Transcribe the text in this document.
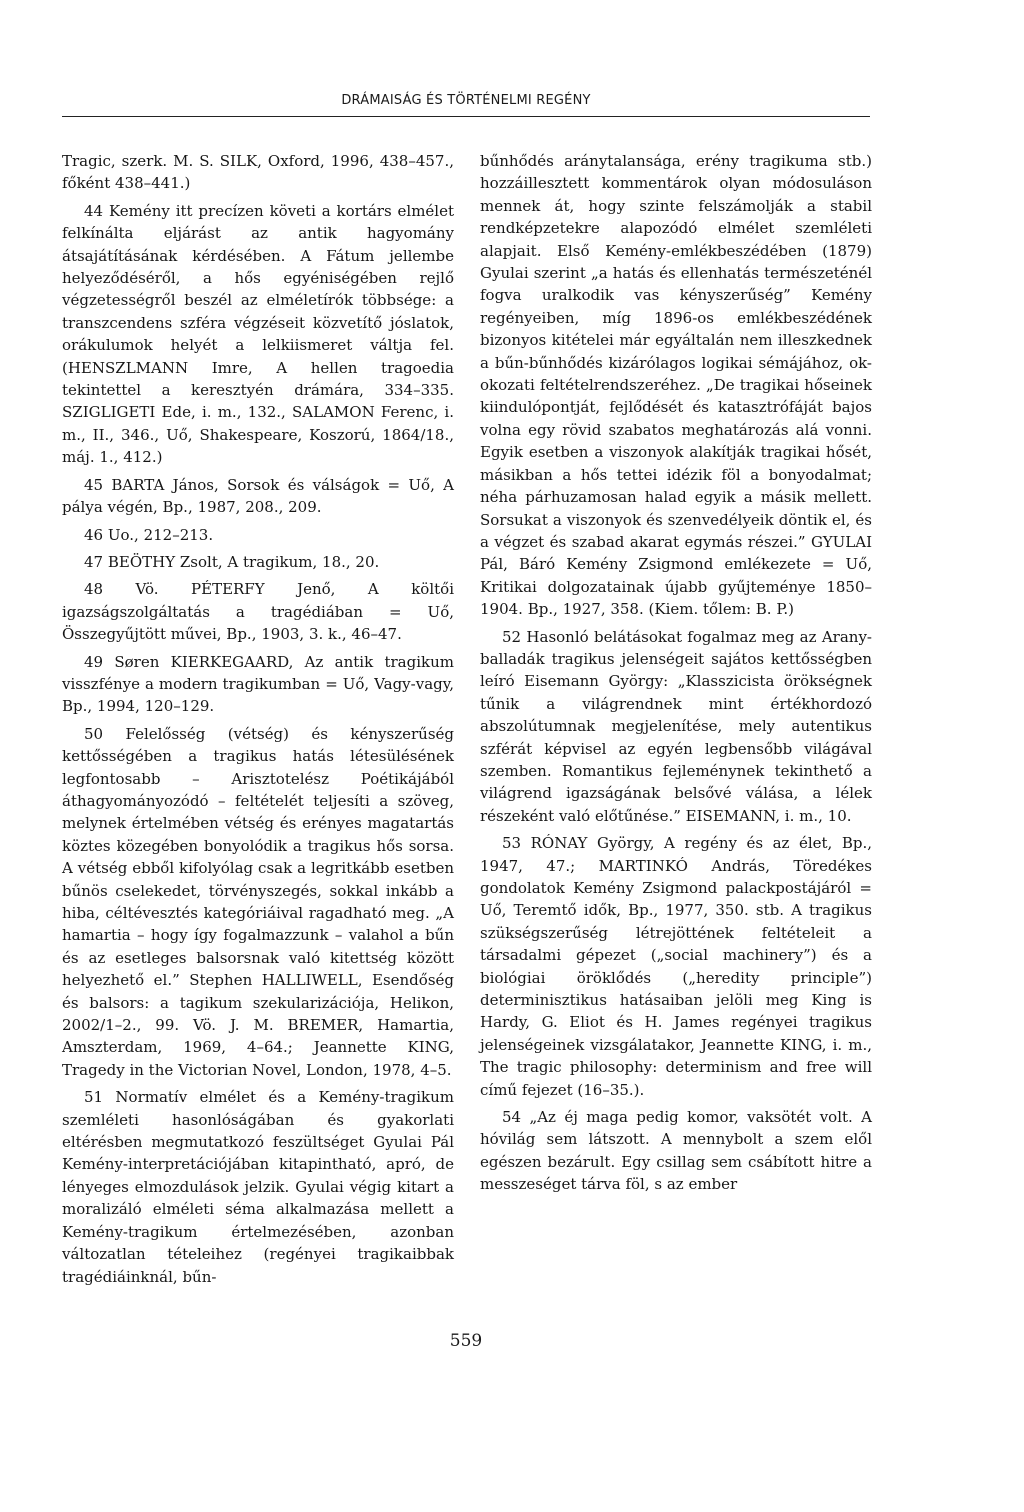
DRÁMAISÁG ÉS TÖRTÉNELMI REGÉNY

Tragic, szerk. M. S. SILK, Oxford, 1996, 438–457., főként 438–441.)

44 Kemény itt precízen követi a kortárs elmélet felkínálta eljárást az antik hagyomány átsajátításának kérdésében. A Fátum jellembe helyeződéséről, a hős egyéniségében rejlő végzetességről beszél az elméletírók többsége: a transzcendens szféra végzéseit közvetítő jóslatok, orákulumok helyét a lelkiismeret váltja fel. (HENSZLMANN Imre, A hellen tragoedia tekintettel a keresztyén drámára, 334–335. SZIGLIGETI Ede, i. m., 132., SALAMON Ferenc, i. m., II., 346., Uő, Shakespeare, Koszorú, 1864/18., máj. 1., 412.)

45 BARTA János, Sorsok és válságok = Uő, A pálya végén, Bp., 1987, 208., 209.

46 Uo., 212–213.

47 BEÖTHY Zsolt, A tragikum, 18., 20.

48 Vö. PÉTERFY Jenő, A költői igazságszolgáltatás a tragédiában = Uő, Összegyűjtött művei, Bp., 1903, 3. k., 46–47.

49 Søren KIERKEGAARD, Az antik tragikum visszfénye a modern tragikumban = Uő, Vagy-vagy, Bp., 1994, 120–129.

50 Felelősség (vétség) és kényszerűség kettősségében a tragikus hatás létesülésének legfontosabb – Arisztotelész Poétikájából áthagyományozódó – feltételét teljesíti a szöveg, melynek értelmében vétség és erényes magatartás köztes közegében bonyolódik a tragikus hős sorsa. A vétség ebből kifolyólag csak a legritkább esetben bűnös cselekedet, törvényszegés, sokkal inkább a hiba, céltévesztés kategóriáival ragadható meg. „A hamartia – hogy így fogalmazzunk – valahol a bűn és az esetleges balsorsnak való kitettség között helyezhető el.” Stephen HALLIWELL, Esendőség és balsors: a tagikum szekularizációja, Helikon, 2002/1–2., 99. Vö. J. M. BREMER, Hamartia, Amszterdam, 1969, 4–64.; Jeannette KING, Tragedy in the Victorian Novel, London, 1978, 4–5.

51 Normatív elmélet és a Kemény-tragikum szemléleti hasonlóságában és gyakorlati eltérésben megmutatkozó feszültséget Gyulai Pál Kemény-interpretációjában kitapintható, apró, de lényeges elmozdulások jelzik. Gyulai végig kitart a moralizáló elméleti séma alkalmazása mellett a Kemény-tragikum értelmezésében, azonban változatlan tételeihez (regényei tragikaibbak tragédiáinknál, bűn-

bűnhődés aránytalansága, erény tragikuma stb.) hozzáillesztett kommentárok olyan módosuláson mennek át, hogy szinte felszámolják a stabil rendképzetekre alapozódó elmélet szemléleti alapjait. Első Kemény-emlékbeszédében (1879) Gyulai szerint „a hatás és ellenhatás természeténél fogva uralkodik vas kényszerűség” Kemény regényeiben, míg 1896-os emlékbeszédének bizonyos kitételei már egyáltalán nem illeszkednek a bűn-bűnhődés kizárólagos logikai sémájához, ok-okozati feltételrendszeréhez. „De tragikai hőseinek kiindulópontját, fejlődését és katasztrófáját bajos volna egy rövid szabatos meghatározás alá vonni. Egyik esetben a viszonyok alakítják tragikai hősét, másikban a hős tettei idézik föl a bonyodalmat; néha párhuzamosan halad egyik a másik mellett. Sorsukat a viszonyok és szenvedélyeik döntik el, és a végzet és szabad akarat egymás részei.” GYULAI Pál, Báró Kemény Zsigmond emlékezete = Uő, Kritikai dolgozatainak újabb gyűjteménye 1850–1904. Bp., 1927, 358. (Kiem. tőlem: B. P.)

52 Hasonló belátásokat fogalmaz meg az Arany-balladák tragikus jelenségeit sajátos kettősségben leíró Eisemann György: „Klasszicista örökségnek tűnik a világrendnek mint értékhordozó abszolútumnak megjelenítése, mely autentikus szférát képvisel az egyén legbensőbb világával szemben. Romantikus fejleménynek tekinthető a világrend igazságának belsővé válása, a lélek részeként való előtűnése.” EISEMANN, i. m., 10.

53 RÓNAY György, A regény és az élet, Bp., 1947, 47.; MARTINKÓ András, Töredékes gondolatok Kemény Zsigmond palackpostájáról = Uő, Teremtő idők, Bp., 1977, 350. stb. A tragikus szükségszerűség létrejöttének feltételeit a társadalmi gépezet („social machinery”) és a biológiai öröklődés („heredity principle”) determinisztikus hatásaiban jelöli meg King is Hardy, G. Eliot és H. James regényei tragikus jelenségeinek vizsgálatakor, Jeannette KING, i. m., The tragic philosophy: determinism and free will című fejezet (16–35.).

54 „Az éj maga pedig komor, vaksötét volt. A hóvilág sem látszott. A mennybolt a szem elől egészen bezárult. Egy csillag sem csábított hitre a messzeséget tárva föl, s az ember

559
